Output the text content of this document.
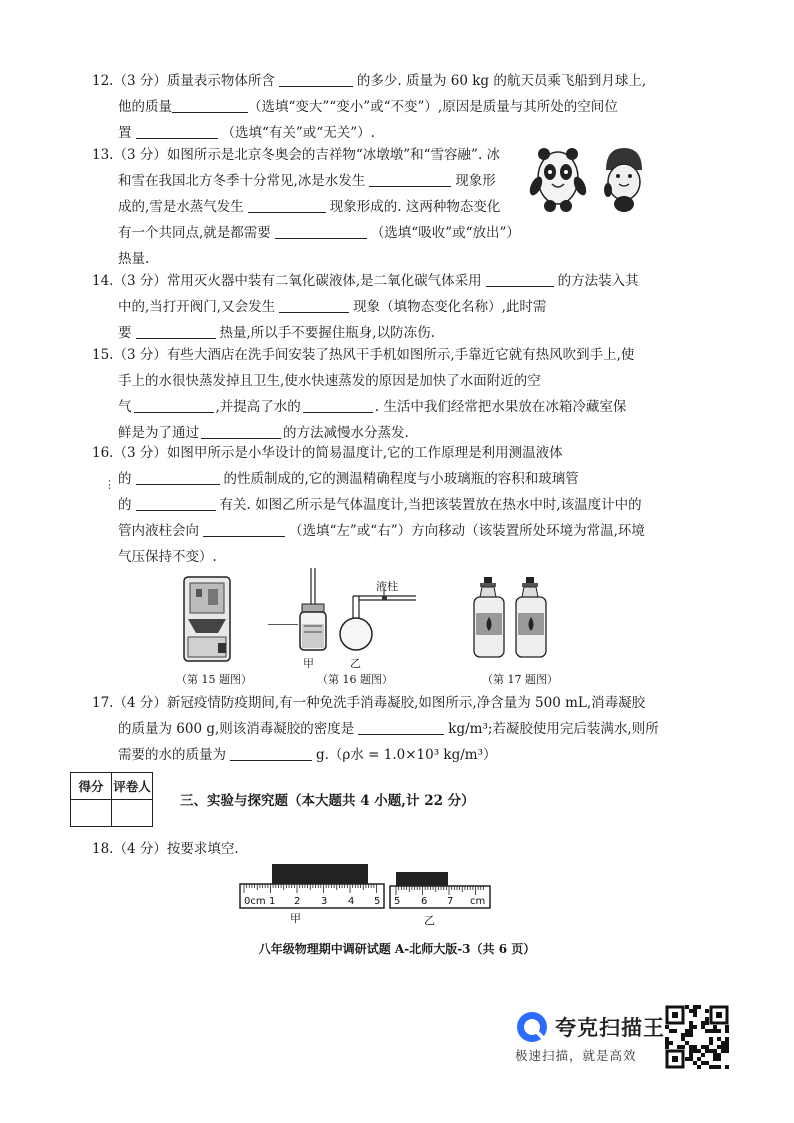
12.（3 分）质量表示物体所含	的多少. 质量为 60 kg 的航天员乘飞船到月球上,

他的质量	（选填“变大”“变小”或“不变”）,原因是质量与其所处的空间位

置	（选填“有关”或“无关”）.

13.（3 分）如图所示是北京冬奥会的吉祥物“冰墩墩”和“雪容融”. 冰

和雪在我国北方冬季十分常见,冰是水发生	现象形

成的,雪是水蒸气发生	现象形成的. 这两种物态变化

有一个共同点,就是都需要	（选填“吸收”或“放出”）

热量.

14.（3 分）常用灭火器中装有二氧化碳液体,是二氧化碳气体采用	的方法装入其

中的,当打开阀门,又会发生	现象（填物态变化名称）,此时需

要	热量,所以手不要握住瓶身,以防冻伤.

15.（3 分）有些大酒店在洗手间安装了热风干手机如图所示,手靠近它就有热风吹到手上,使

手上的水很快蒸发掉且卫生,使水快速蒸发的原因是加快了水面附近的空

气	,并提高了水的	. 生活中我们经常把水果放在冰箱冷藏室保

鲜是为了通过	的方法减慢水分蒸发.

16.（3 分）如图甲所示是小华设计的简易温度计,它的工作原理是利用测温液体

的	的性质制成的,它的测温精确程度与小玻璃瓶的容积和玻璃管

的	有关. 如图乙所示是气体温度计,当把该装置放在热水中时,该温度计中的

管内液柱会向	（选填“左”或“右”）方向移动（该装置所处环境为常温,环境

气压保持不变）.

⋮
甲	乙
液柱
（第 15 题图）	（第 16 题图）	（第 17 题图）

17.（4 分）新冠疫情防疫期间,有一种免洗手消毒凝胶,如图所示,净含量为 500 mL,消毒凝胶

的质量为 600 g,则该消毒凝胶的密度是	kg/m³;若凝胶使用完后装满水,则所

需要的水的质量为	g.（ρ水 = 1.0×10³ kg/m³）

得分	评卷人

三、实验与探究题（本大题共 4 小题,计 22 分）

18.（4 分）按要求填空.

0cm 1 2 3 4 5 5 6 7 cm
甲	乙
八年级物理期中调研试题 A-北师大版-3（共 6 页）
夸克扫描王
极速扫描，就是高效
